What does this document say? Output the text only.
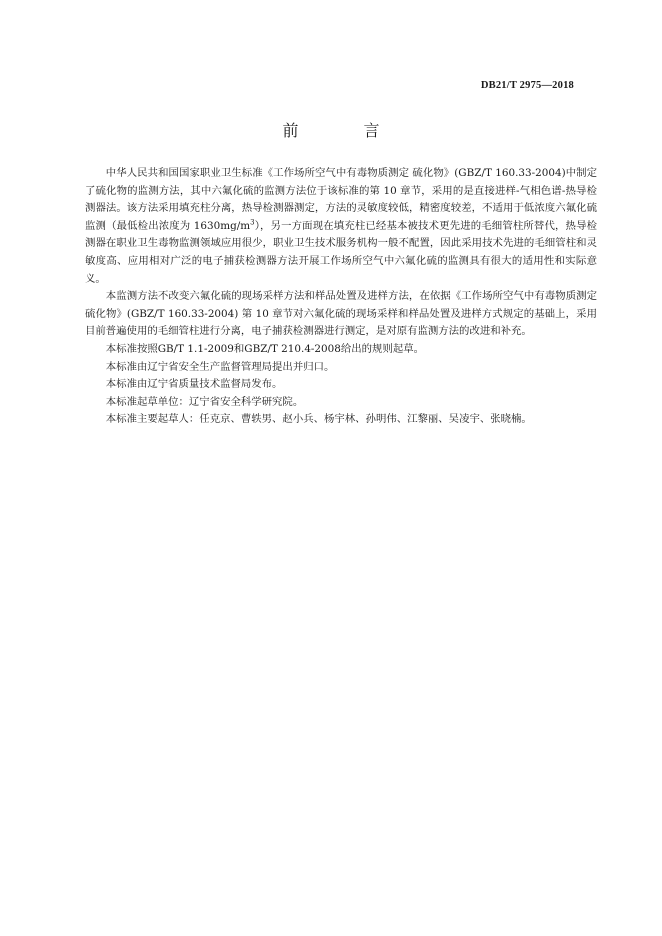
DB21/T 2975—2018
前 言

中华人民共和国国家职业卫生标准《工作场所空气中有毒物质测定 硫化物》(GBZ/T 160.33-2004)中制定了硫化物的监测方法，其中六氟化硫的监测方法位于该标准的第 10 章节，采用的是直接进样-气相色谱-热导检测器法。该方法采用填充柱分离，热导检测器测定，方法的灵敏度较低，精密度较差，不适用于低浓度六氟化硫监测（最低检出浓度为 $1630mg/m^3$），另一方面现在填充柱已经基本被技术更先进的毛细管柱所替代，热导检测器在职业卫生毒物监测领域应用很少，职业卫生技术服务机构一般不配置，因此采用技术先进的毛细管柱和灵敏度高、应用相对广泛的电子捕获检测器方法开展工作场所空气中六氟化硫的监测具有很大的适用性和实际意义。

本监测方法不改变六氟化硫的现场采样方法和样品处置及进样方法，在依据《工作场所空气中有毒物质测定 硫化物》(GBZ/T 160.33-2004) 第 10 章节对六氟化硫的现场采样和样品处置及进样方式规定的基础上，采用目前普遍使用的毛细管柱进行分离，电子捕获检测器进行测定，是对原有监测方法的改进和补充。

本标准按照GB/T 1.1-2009和GBZ/T 210.4-2008给出的规则起草。

本标准由辽宁省安全生产监督管理局提出并归口。

本标准由辽宁省质量技术监督局发布。

本标准起草单位：辽宁省安全科学研究院。

本标准主要起草人：任克京、曹轶男、赵小兵、杨宇林、孙明伟、江黎丽、吴凌宇、张晓楠。
